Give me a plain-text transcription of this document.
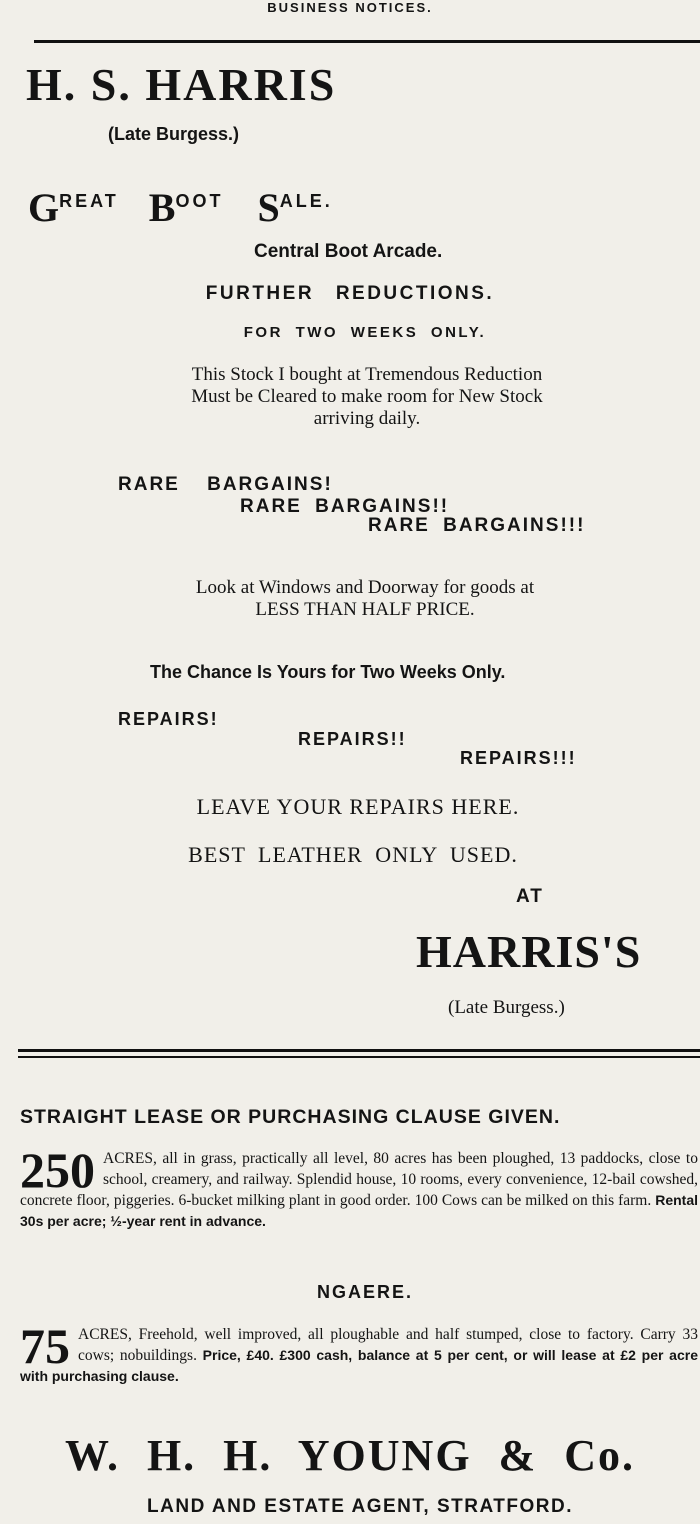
BUSINESS NOTICES.
H. S. HARRIS
(Late Burgess.)
GREAT BOOT SALE.
Central Boot Arcade.
FURTHER REDUCTIONS.
FOR TWO WEEKS ONLY.
This Stock I bought at Tremendous Reduction
Must be Cleared to make room for New Stock
arriving daily.
RARE BARGAINS!
RARE BARGAINS!!
RARE BARGAINS!!!
Look at Windows and Doorway for goods at
LESS THAN HALF PRICE.
The Chance Is Yours for Two Weeks Only.
REPAIRS!
REPAIRS!!
REPAIRS!!!
LEAVE YOUR REPAIRS HERE.
BEST LEATHER ONLY USED.
AT
HARRIS'S
(Late Burgess.)
STRAIGHT LEASE OR PURCHASING CLAUSE GIVEN.
250 ACRES, all in grass, practically all level, 80 acres has been ploughed, 13 paddocks, close to school, creamery, and railway. Splendid house, 10 rooms, every convenience, 12-bail cowshed, concrete floor, piggeries. 6-bucket milking plant in good order. 100 Cows can be milked on this farm. Rental 30s per acre; ½-year rent in advance.
NGAERE.
75 ACRES, Freehold, well improved, all ploughable and half stumped, close to factory. Carry 33 cows; nobuildings. Price, £40. £300 cash, balance at 5 per cent, or will lease at £2 per acre with purchasing clause.
W. H. H. YOUNG & Co.
LAND AND ESTATE AGENT, STRATFORD.
